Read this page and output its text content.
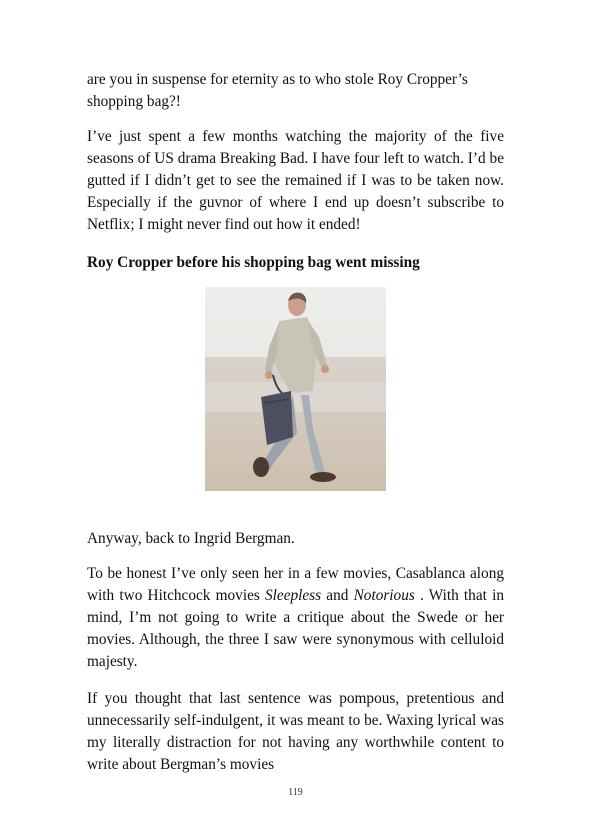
are you in suspense for eternity as to who stole Roy Cropper’s shopping bag?!

I’ve just spent a few months watching the majority of the five seasons of US drama Breaking Bad. I have four left to watch. I’d be gutted if I didn’t get to see the remained if I was to be taken now. Especially if the guvnor of where I end up doesn’t subscribe to Netflix; I might never find out how it ended!

Roy Cropper before his shopping bag went missing

Anyway, back to Ingrid Bergman.

To be honest I’ve only seen her in a few movies, Casablanca along with two Hitchcock movies Sleepless and Notorious . With that in mind, I’m not going to write a critique about the Swede or her movies. Although, the three I saw were synonymous with celluloid majesty.

If you thought that last sentence was pompous, pretentious and unnecessarily self-indulgent, it was meant to be. Waxing lyrical was my literally distraction for not having any worthwhile content to write about Bergman’s movies

119
